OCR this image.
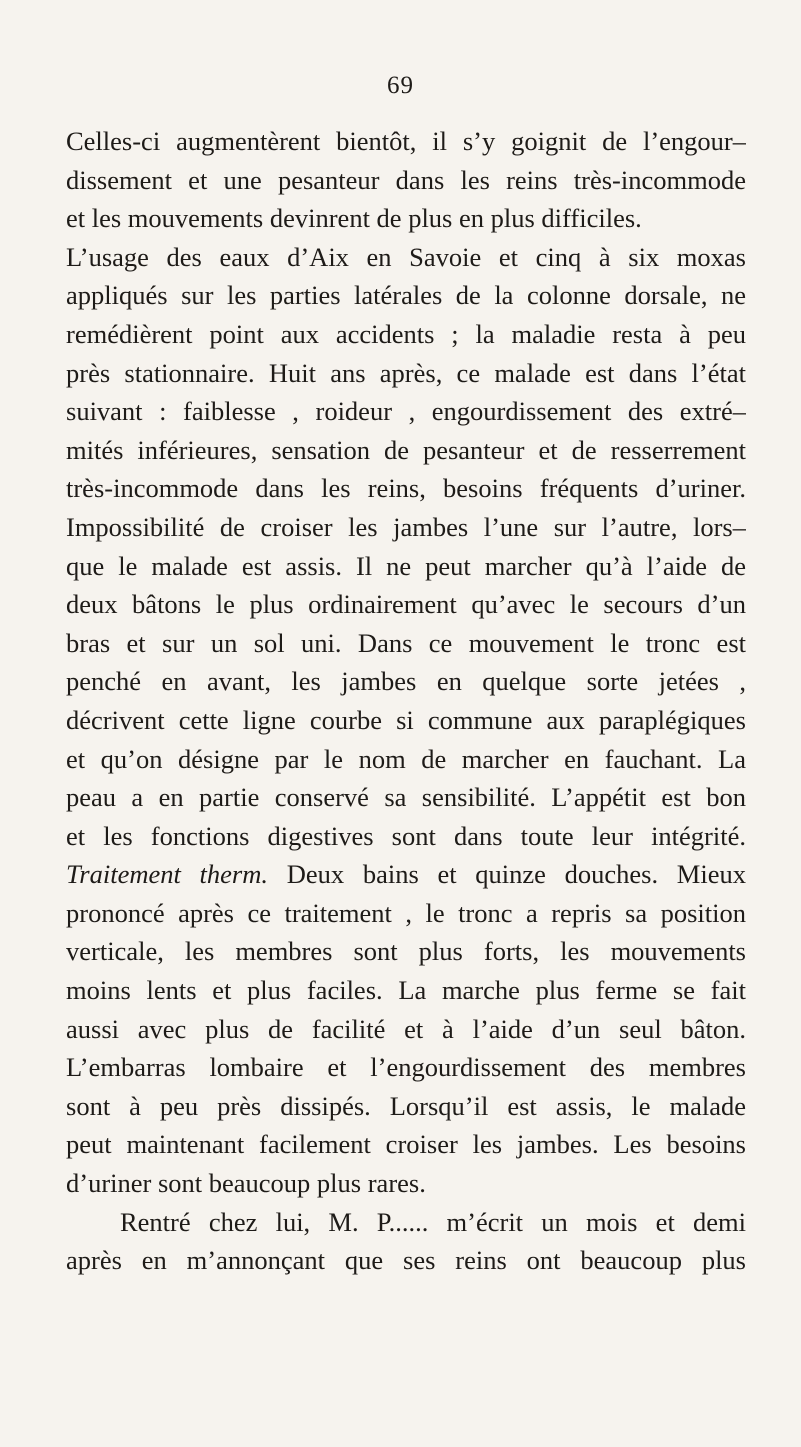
69
Celles-ci augmentèrent bientôt, il s’y goignit de l’engour–
dissement et une pesanteur dans les reins très-incommode
et les mouvements devinrent de plus en plus difficiles.
L’usage des eaux d’Aix en Savoie et cinq à six moxas
appliqués sur les parties latérales de la colonne dorsale, ne
remédièrent point aux accidents ; la maladie resta à peu
près stationnaire. Huit ans après, ce malade est dans l’état
suivant : faiblesse , roideur , engourdissement des extré–
mités inférieures, sensation de pesanteur et de resserrement
très-incommode dans les reins, besoins fréquents d’uriner.
Impossibilité de croiser les jambes l’une sur l’autre, lors–
que le malade est assis. Il ne peut marcher qu’à l’aide de
deux bâtons le plus ordinairement qu’avec le secours d’un
bras et sur un sol uni. Dans ce mouvement le tronc est
penché en avant, les jambes en quelque sorte jetées ,
décrivent cette ligne courbe si commune aux paraplégiques
et qu’on désigne par le nom de marcher en fauchant. La
peau a en partie conservé sa sensibilité. L’appétit est bon
et les fonctions digestives sont dans toute leur intégrité.
Traitement therm. Deux bains et quinze douches. Mieux
prononcé après ce traitement , le tronc a repris sa position
verticale, les membres sont plus forts, les mouvements
moins lents et plus faciles. La marche plus ferme se fait
aussi avec plus de facilité et à l’aide d’un seul bâton.
L’embarras lombaire et l’engourdissement des membres
sont à peu près dissipés. Lorsqu’il est assis, le malade
peut maintenant facilement croiser les jambes. Les besoins
d’uriner sont beaucoup plus rares.
Rentré chez lui, M. P...... m’écrit un mois et demi
après en m’annonçant que ses reins ont beaucoup plus
